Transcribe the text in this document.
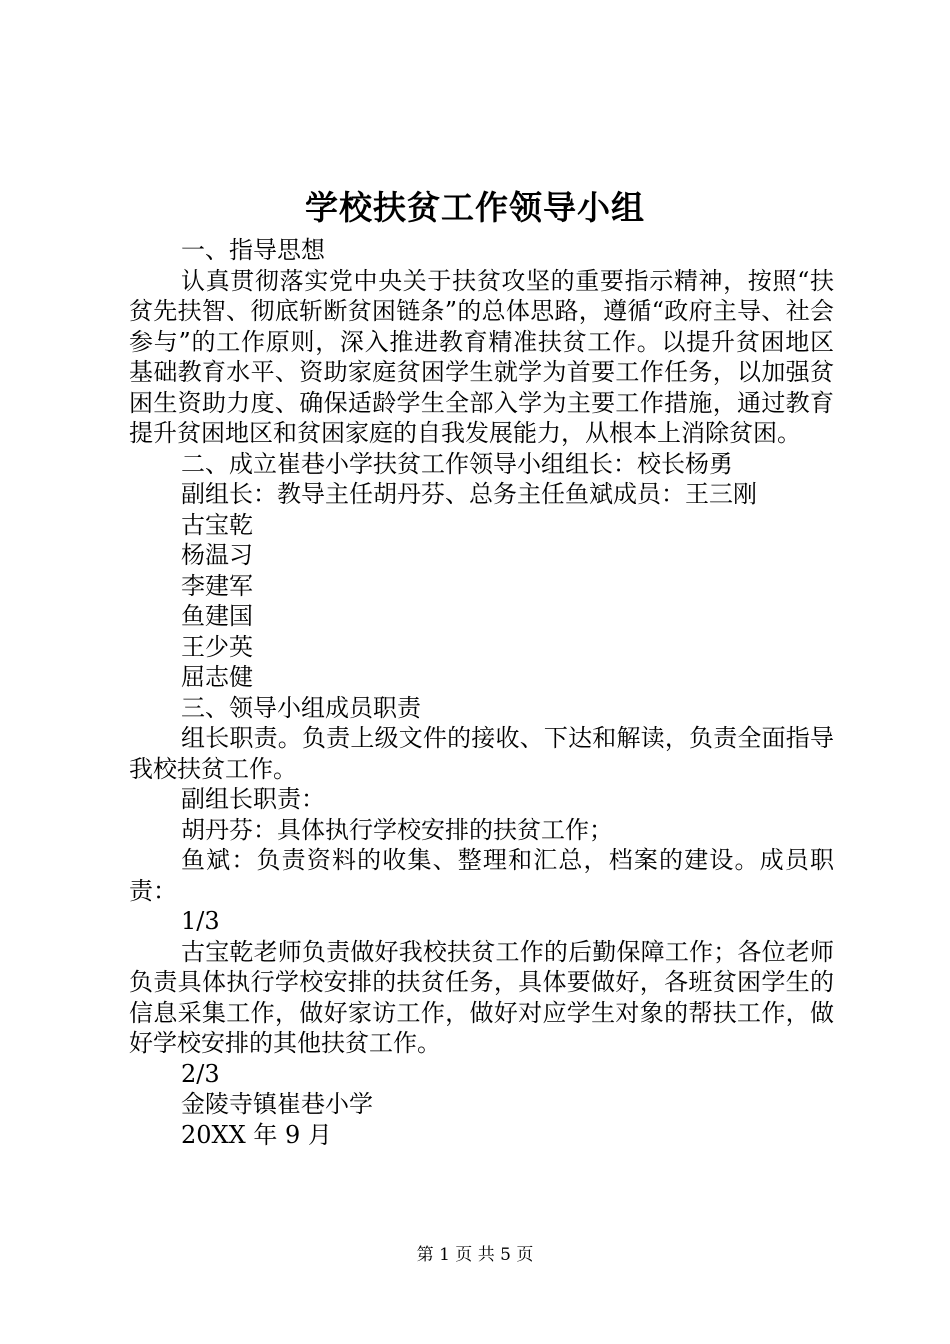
学校扶贫工作领导小组

一、指导思想

认真贯彻落实党中央关于扶贫攻坚的重要指示精神，按照“扶贫先扶智、彻底斩断贫困链条”的总体思路，遵循“政府主导、社会参与”的工作原则，深入推进教育精准扶贫工作。以提升贫困地区基础教育水平、资助家庭贫困学生就学为首要工作任务，以加强贫困生资助力度、确保适龄学生全部入学为主要工作措施，通过教育提升贫困地区和贫困家庭的自我发展能力，从根本上消除贫困。

二、成立崔巷小学扶贫工作领导小组组长：校长杨勇

副组长：教导主任胡丹芬、总务主任鱼斌成员：王三刚

古宝乾

杨温习

李建军

鱼建国

王少英

屈志健

三、领导小组成员职责

组长职责。负责上级文件的接收、下达和解读，负责全面指导我校扶贫工作。

副组长职责：

胡丹芬：具体执行学校安排的扶贫工作；

鱼斌：负责资料的收集、整理和汇总，档案的建设。成员职责：

1/3

古宝乾老师负责做好我校扶贫工作的后勤保障工作；各位老师负责具体执行学校安排的扶贫任务，具体要做好，各班贫困学生的信息采集工作，做好家访工作，做好对应学生对象的帮扶工作，做好学校安排的其他扶贫工作。

2/3

金陵寺镇崔巷小学

20XX 年 9 月

第 1 页 共 5 页
